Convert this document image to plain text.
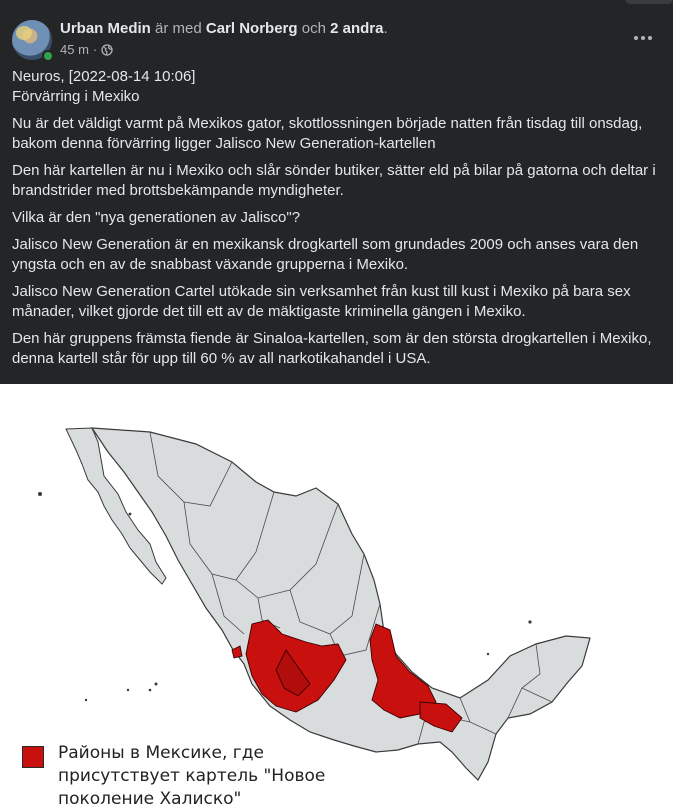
Urban Medin är med Carl Norberg och 2 andra.
45 m ·

Neuros, [2022-08-14 10:06]

Förvärring i Mexiko

Nu är det väldigt varmt på Mexikos gator, skottlossningen började natten från tisdag till onsdag, bakom denna förvärring ligger Jalisco New Generation-kartellen

Den här kartellen är nu i Mexiko och slår sönder butiker, sätter eld på bilar på gatorna och deltar i brandstrider med brottsbekämpande myndigheter.

Vilka är den "nya generationen av Jalisco"?

Jalisco New Generation är en mexikansk drogkartell som grundades 2009 och anses vara den yngsta och en av de snabbast växande grupperna i Mexiko.

Jalisco New Generation Cartel utökade sin verksamhet från kust till kust i Mexiko på bara sex månader, vilket gjorde det till ett av de mäktigaste kriminella gängen i Mexiko.

Den här gruppens främsta fiende är Sinaloa-kartellen, som är den största drogkartellen i Mexiko, denna kartell står för upp till 60 % av all narkotikahandel i USA.

Районы в Мексике, где присутствует картель "Новое поколение Халиско"
